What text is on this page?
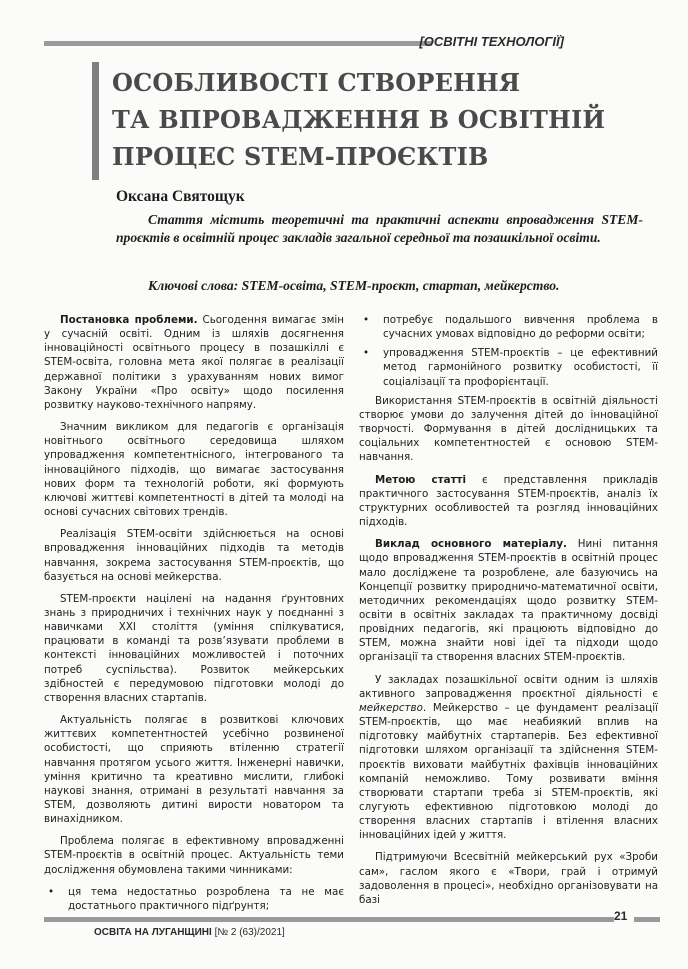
[ОСВІТНІ ТЕХНОЛОГІЇ]
ОСОБЛИВОСТІ СТВОРЕННЯ
ТА ВПРОВАДЖЕННЯ В ОСВІТНІЙ
ПРОЦЕС STEM-ПРОЄКТІВ
Оксана Святощук

Стаття містить теоретичні та практичні аспекти впровадження STEM-проєктів в освітній процес закладів загальної середньої та позашкільної освіти.

Ключові слова: STEM-освіта, STEM-проєкт, стартап, мейкерство.

Постановка проблеми. Сьогодення вимагає змін у сучасній освіті. Одним із шляхів досягнення інноваційності освітнього процесу в позашкіллі є STEM-освіта, головна мета якої полягає в реалізації державної політики з урахуванням нових вимог Закону України «Про освіту» щодо посилення розвитку науково-технічного напряму.

Значним викликом для педагогів є організація новітнього освітнього середовища шляхом упровадження компетентнісного, інтегрованого та інноваційного підходів, що вимагає застосування нових форм та технологій роботи, які формують ключові життєві компетентності в дітей та молоді на основі сучасних світових трендів.

Реалізація STEM-освіти здійснюється на основі впровадження інноваційних підходів та методів навчання, зокрема застосування STEM-проєктів, що базується на основі мейкерства.

STEM-проєкти націлені на надання ґрунтовних знань з природничих і технічних наук у поєднанні з навичками XXI століття (уміння спілкуватися, працювати в команді та розв’язувати проблеми в контексті інноваційних можливостей і поточних потреб суспільства). Розвиток мейкерських здібностей є передумовою підготовки молоді до створення власних стартапів.

Актуальність полягає в розвиткові ключових життєвих компетентностей усебічно розвиненої особистості, що сприяють втіленню стратегії навчання протягом усього життя. Інженерні навички, уміння критично та креативно мислити, глибокі наукові знання, отримані в результаті навчання за STEM, дозволяють дитині вирости новатором та винахідником.

Проблема полягає в ефективному впровадженні STEM-проєктів в освітній процес. Актуальність теми дослідження обумовлена такими чинниками:

• ця тема недостатньо розроблена та не має достатнього практичного підґрунтя;

• потребує подальшого вивчення проблема в сучасних умовах відповідно до реформи освіти;

• упровадження STEM-проєктів – це ефективний метод гармонійного розвитку особистості, її соціалізації та профорієнтації.

Використання STEM-проєктів в освітній діяльності створює умови до залучення дітей до інноваційної творчості. Формування в дітей дослідницьких та соціальних компетентностей є основою STEM-навчання.

Метою статті є представлення прикладів практичного застосування STEM-проєктів, аналіз їх структурних особливостей та розгляд інноваційних підходів.

Виклад основного матеріалу. Нині питання щодо впровадження STEM-проєктів в освітній процес мало досліджене та розроблене, але базуючись на Концепції розвитку природничо-математичної освіти, методичних рекомендаціях щодо розвитку STEM-освіти в освітніх закладах та практичному досвіді провідних педагогів, які працюють відповідно до STEM, можна знайти нові ідеї та підходи щодо організації та створення власних STEM-проєктів.

У закладах позашкільної освіти одним із шляхів активного запровадження проєктної діяльності є мейкерство. Мейкерство – це фундамент реалізації STEM-проєктів, що має неабиякий вплив на підготовку майбутніх стартаперів. Без ефективної підготовки шляхом організації та здійснення STEM-проєктів виховати майбутніх фахівців інноваційних компаній неможливо. Тому розвивати вміння створювати стартапи треба зі STEM-проєктів, які слугують ефективною підготовкою молоді до створення власних стартапів і втілення власних інноваційних ідей у життя.

Підтримуючи Всесвітній мейкерський рух «Зроби сам», гаслом якого є «Твори, грай і отримуй задоволення в процесі», необхідно організовувати на базі

21
ОСВІТА НА ЛУГАНЩИНІ [№ 2 (63)/2021]
